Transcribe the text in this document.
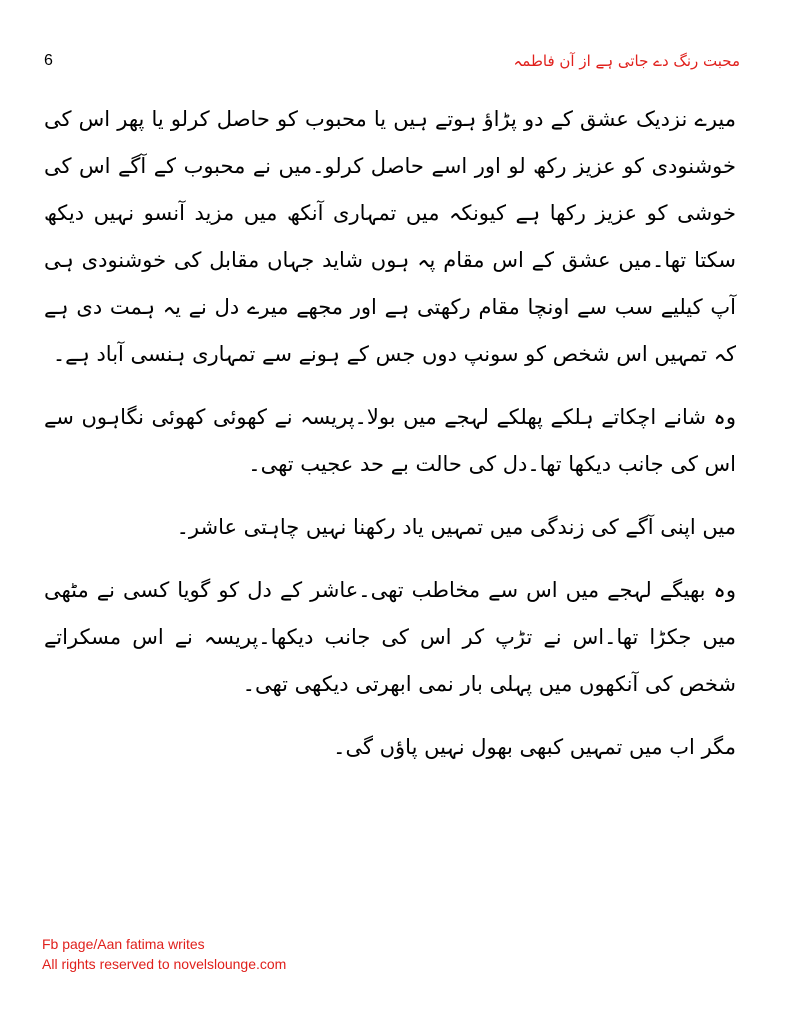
6	محبت رنگ دے جاتی ہے از آن فاطمہ

میرے نزدیک عشق کے دو پڑاؤ ہوتے ہیں یا محبوب کو حاصل کرلو یا پھر اس کی خوشنودی کو عزیز رکھ لو اور اسے حاصل کرلو۔میں نے محبوب کے آگے اس کی خوشی کو عزیز رکھا ہے کیونکہ میں تمہاری آنکھ میں مزید آنسو نہیں دیکھ سکتا تھا۔میں عشق کے اس مقام پہ ہوں شاید جہاں مقابل کی خوشنودی ہی آپ کیلیے سب سے اونچا مقام رکھتی ہے اور مجھے میرے دل نے یہ ہمت دی ہے کہ تمہیں اس شخص کو سونپ دوں جس کے ہونے سے تمہاری ہنسی آباد ہے۔

وہ شانے اچکاتے ہلکے پھلکے لہجے میں بولا۔پریسہ نے کھوئی کھوئی نگاہوں سے اس کی جانب دیکھا تھا۔دل کی حالت بے حد عجیب تھی۔

میں اپنی آگے کی زندگی میں تمہیں یاد رکھنا نہیں چاہتی عاشر۔

وہ بھیگے لہجے میں اس سے مخاطب تھی۔عاشر کے دل کو گویا کسی نے مٹھی میں جکڑا تھا۔اس نے تڑپ کر اس کی جانب دیکھا۔پریسہ نے اس مسکراتے شخص کی آنکھوں میں پہلی بار نمی ابھرتی دیکھی تھی۔

مگر اب میں تمہیں کبھی بھول نہیں پاؤں گی۔

Fb page/Aan fatima writes
All rights reserved to novelslounge.com
